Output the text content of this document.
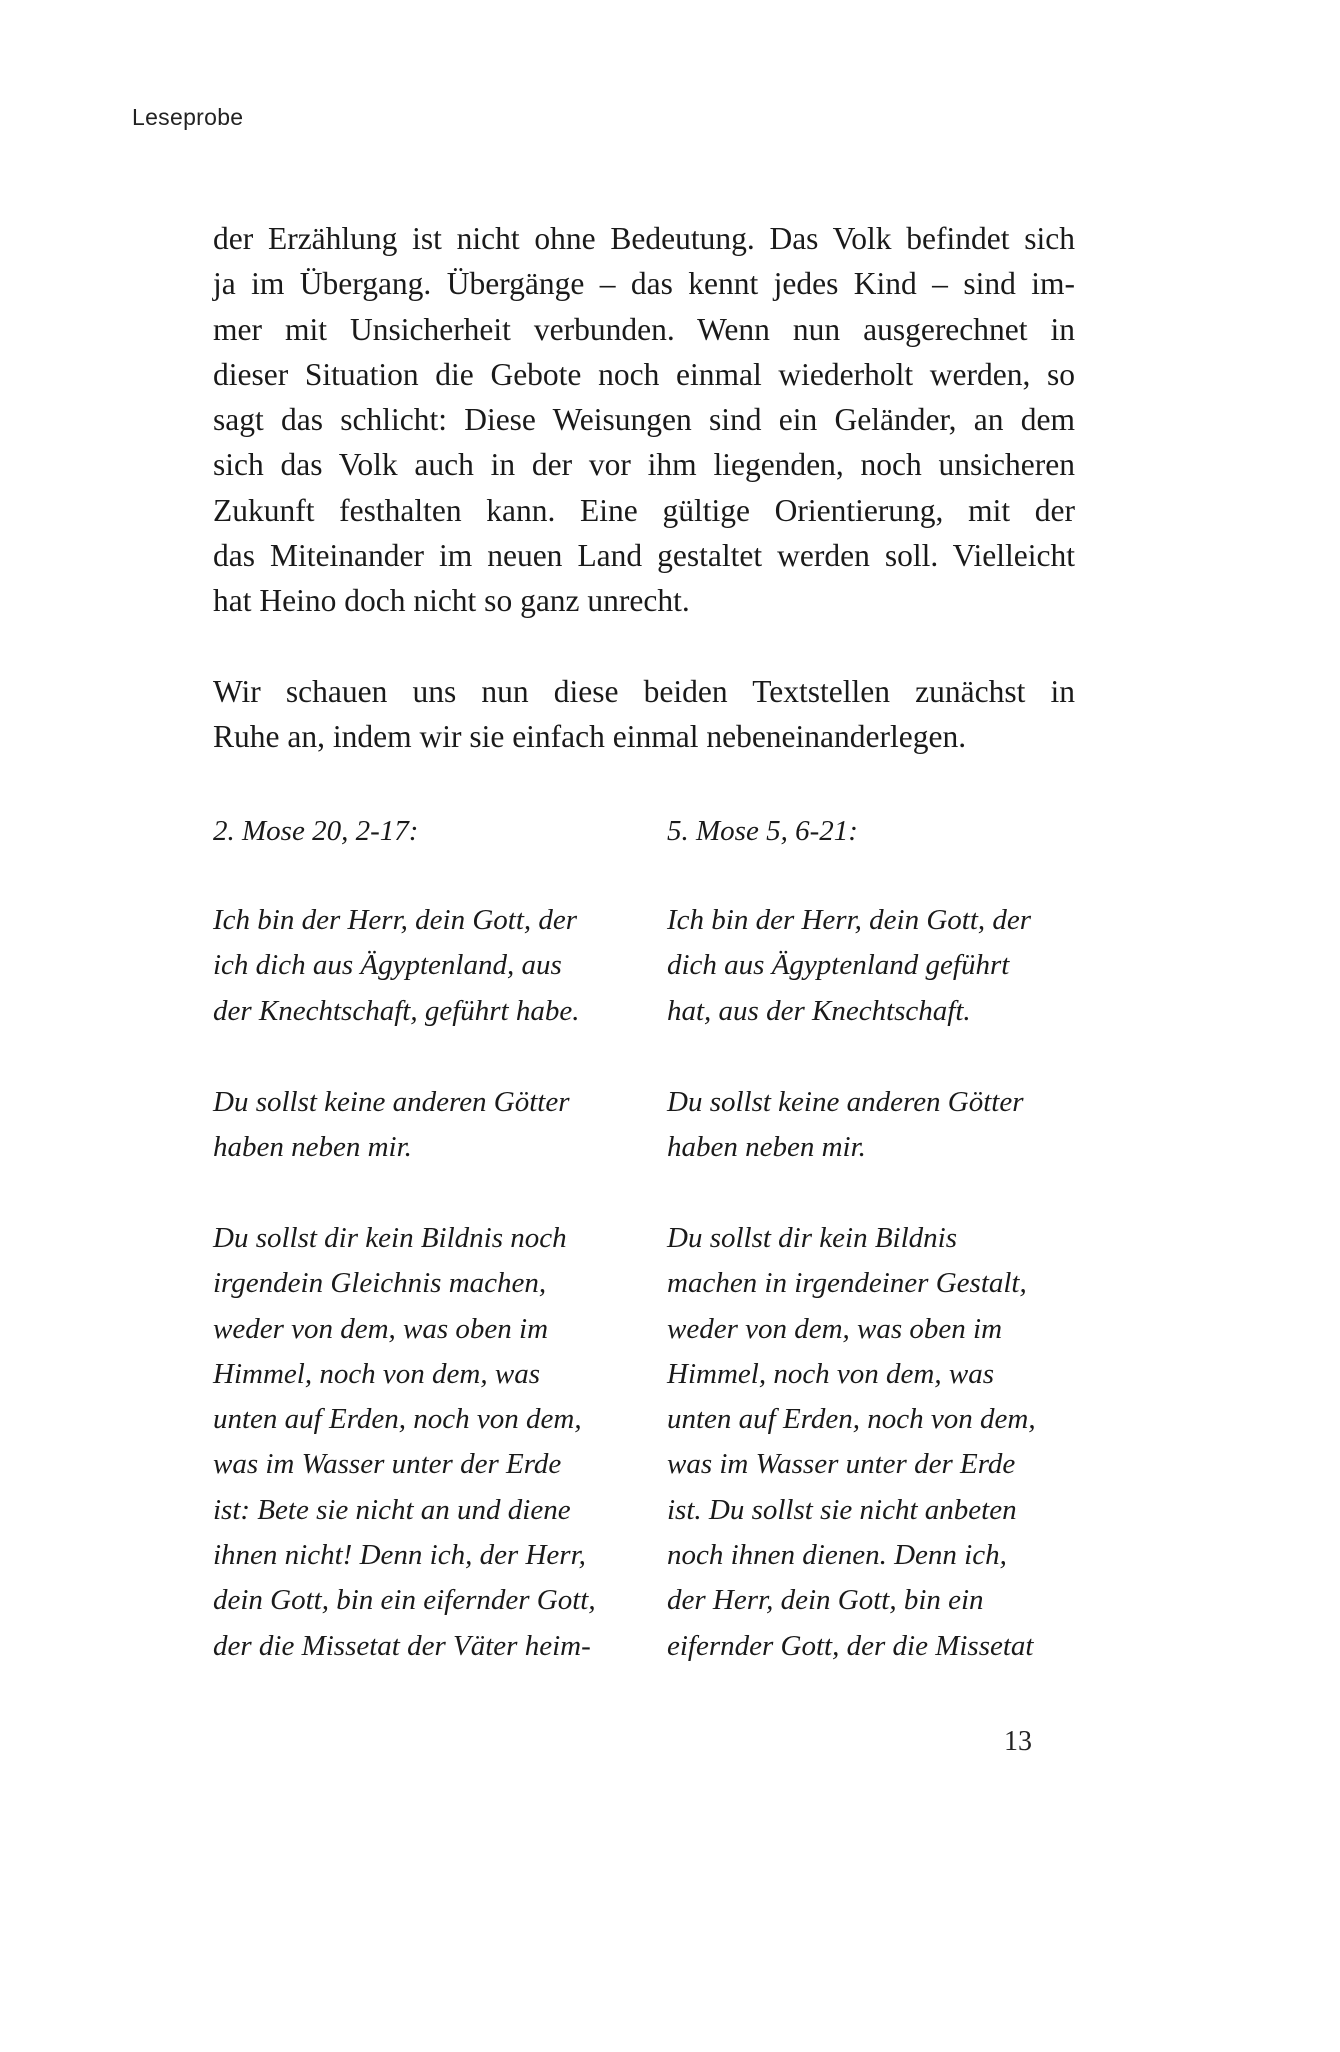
Leseprobe
der Erzählung ist nicht ohne Bedeutung. Das Volk befindet sich
ja im Übergang. Übergänge – das kennt jedes Kind – sind im-
mer mit Unsicherheit verbunden. Wenn nun ausgerechnet in
dieser Situation die Gebote noch einmal wiederholt werden, so
sagt das schlicht: Diese Weisungen sind ein Geländer, an dem
sich das Volk auch in der vor ihm liegenden, noch unsicheren
Zukunft festhalten kann. Eine gültige Orientierung, mit der
das Miteinander im neuen Land gestaltet werden soll. Vielleicht
hat Heino doch nicht so ganz unrecht.
Wir schauen uns nun diese beiden Textstellen zunächst in
Ruhe an, indem wir sie einfach einmal nebeneinanderlegen.
2. Mose 20, 2-17:
Ich bin der Herr, dein Gott, der
ich dich aus Ägyptenland, aus
der Knechtschaft, geführt habe.
Du sollst keine anderen Götter
haben neben mir.
Du sollst dir kein Bildnis noch
irgendein Gleichnis machen,
weder von dem, was oben im
Himmel, noch von dem, was
unten auf Erden, noch von dem,
was im Wasser unter der Erde
ist: Bete sie nicht an und diene
ihnen nicht! Denn ich, der Herr,
dein Gott, bin ein eifernder Gott,
der die Missetat der Väter heim-
5. Mose 5, 6-21:
Ich bin der Herr, dein Gott, der
dich aus Ägyptenland geführt
hat, aus der Knechtschaft.
Du sollst keine anderen Götter
haben neben mir.
Du sollst dir kein Bildnis
machen in irgendeiner Gestalt,
weder von dem, was oben im
Himmel, noch von dem, was
unten auf Erden, noch von dem,
was im Wasser unter der Erde
ist. Du sollst sie nicht anbeten
noch ihnen dienen. Denn ich,
der Herr, dein Gott, bin ein
eifernder Gott, der die Missetat
13
